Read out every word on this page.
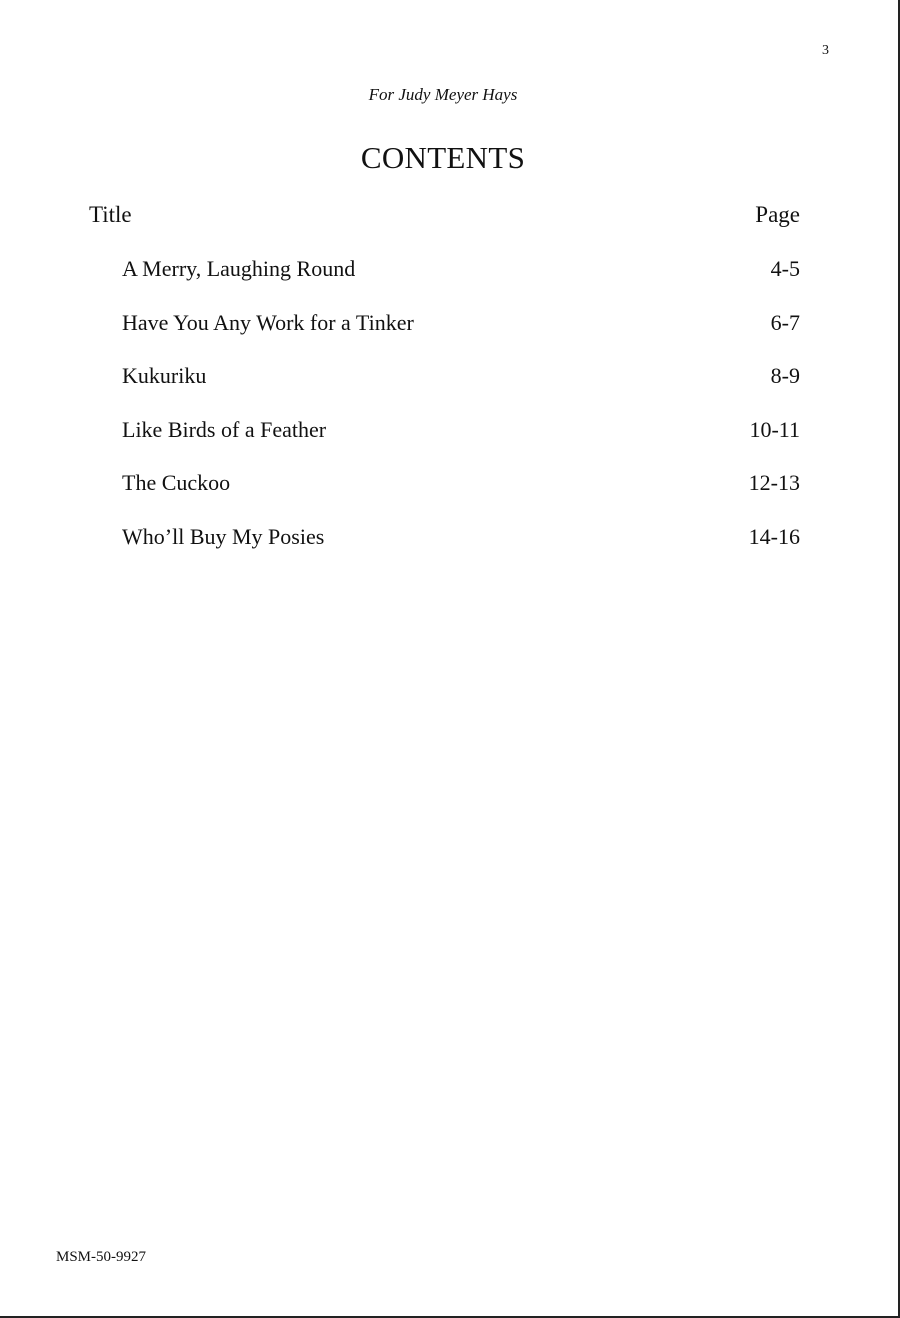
3
For Judy Meyer Hays
CONTENTS
Title	Page
A Merry, Laughing Round	4-5
Have You Any Work for a Tinker	6-7
Kukuriku	8-9
Like Birds of a Feather	10-11
The Cuckoo	12-13
Who’ll Buy My Posies	14-16
MSM-50-9927
